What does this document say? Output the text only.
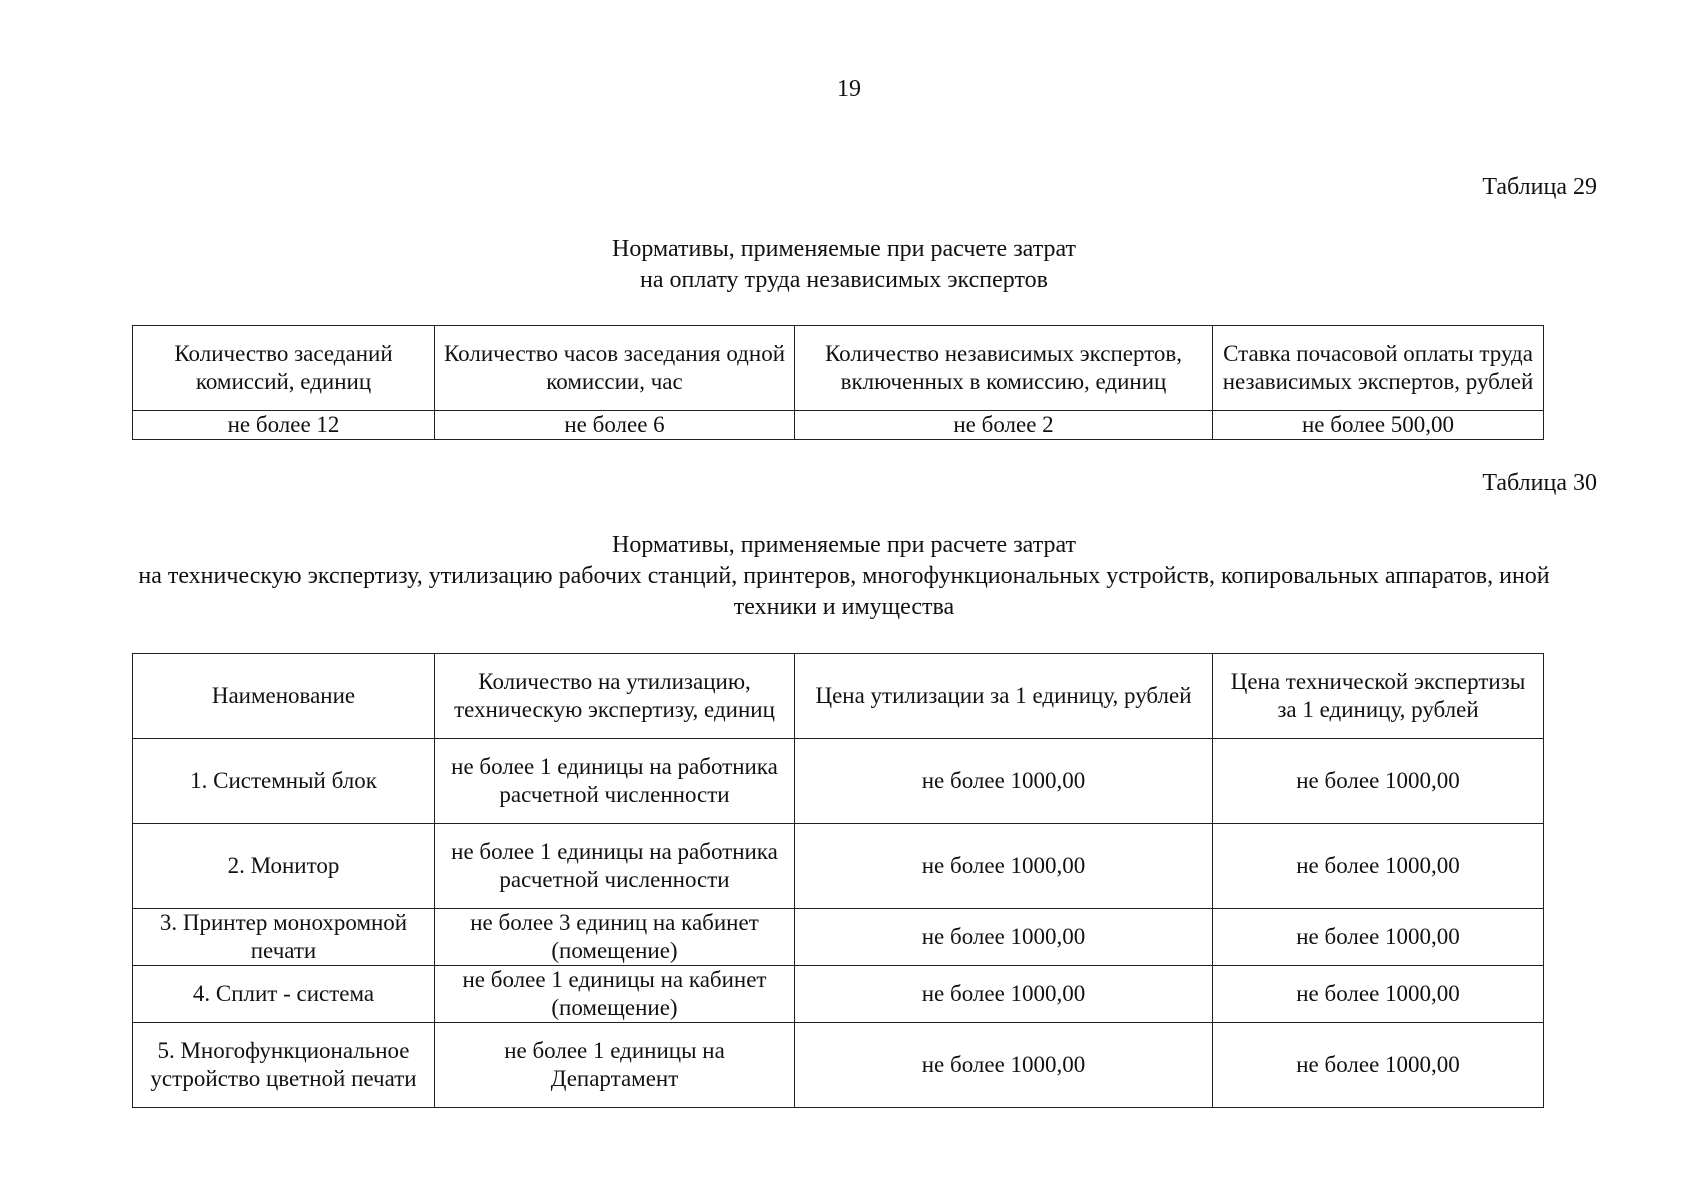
19
Таблица 29
Нормативы, применяемые при расчете затрат
на оплату труда независимых экспертов
Количество заседаний комиссий, единиц	Количество часов заседания одной комиссии, час	Количество независимых экспертов, включенных в комиссию, единиц	Ставка почасовой оплаты труда независимых экспертов, рублей
не более 12	не более 6	не более 2	не более 500,00
Таблица 30
Нормативы, применяемые при расчете затрат
на техническую экспертизу, утилизацию рабочих станций, принтеров, многофункциональных устройств, копировальных аппаратов, иной техники и имущества
Наименование	Количество на утилизацию, техническую экспертизу, единиц	Цена утилизации за 1 единицу, рублей	Цена технической экспертизы за 1 единицу, рублей
1. Системный блок	не более 1 единицы на работника расчетной численности	не более 1000,00	не более 1000,00
2. Монитор	не более 1 единицы на работника расчетной численности	не более 1000,00	не более 1000,00
3. Принтер монохромной печати	не более 3 единиц на кабинет (помещение)	не более 1000,00	не более 1000,00
4. Сплит - система	не более 1 единицы на кабинет (помещение)	не более 1000,00	не более 1000,00
5. Многофункциональное устройство цветной печати	не более 1 единицы на Департамент	не более 1000,00	не более 1000,00
